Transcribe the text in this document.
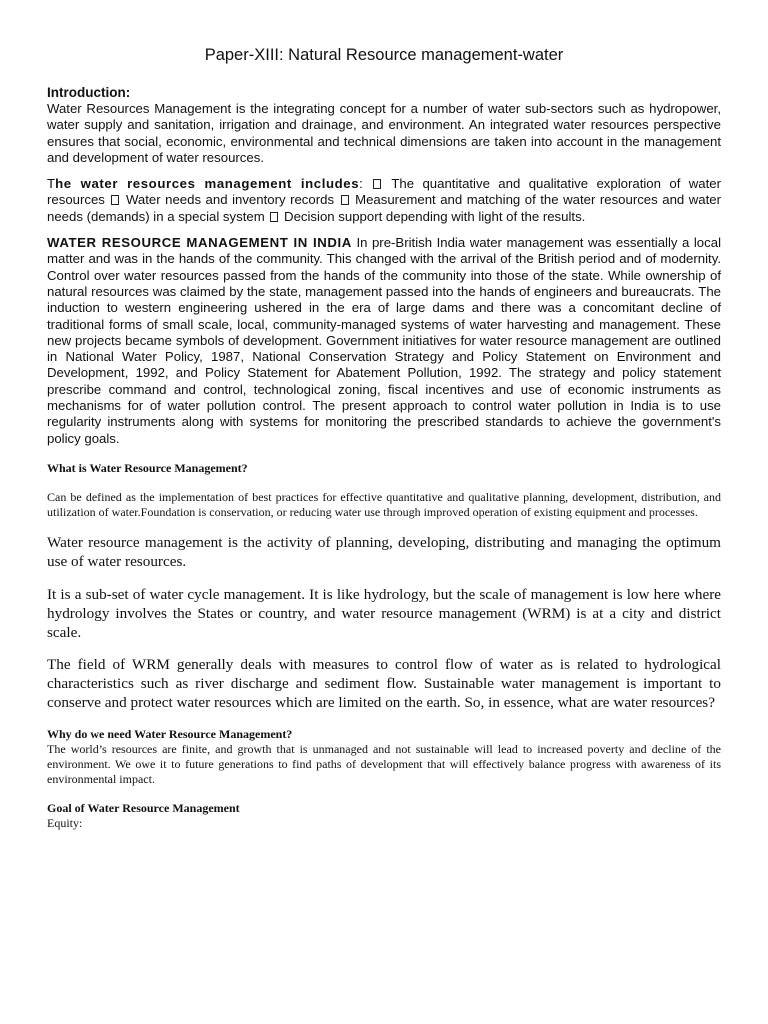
Paper-XIII: Natural Resource management-water
Introduction:

Water Resources Management is the integrating concept for a number of water sub-sectors such as hydropower, water supply and sanitation, irrigation and drainage, and environment. An integrated water resources perspective ensures that social, economic, environmental and technical dimensions are taken into account in the management and development of water resources.

The water resources management includes: The quantitative and qualitative exploration of water resources Water needs and inventory records Measurement and matching of the water resources and water needs (demands) in a special system Decision support depending with light of the results.

WATER RESOURCE MANAGEMENT IN INDIA In pre-British India water management was essentially a local matter and was in the hands of the community. This changed with the arrival of the British period and of modernity. Control over water resources passed from the hands of the community into those of the state. While ownership of natural resources was claimed by the state, management passed into the hands of engineers and bureaucrats. The induction to western engineering ushered in the era of large dams and there was a concomitant decline of traditional forms of small scale, local, community-managed systems of water harvesting and management. These new projects became symbols of development. Government initiatives for water resource management are outlined in National Water Policy, 1987, National Conservation Strategy and Policy Statement on Environment and Development, 1992, and Policy Statement for Abatement Pollution, 1992. The strategy and policy statement prescribe command and control, technological zoning, fiscal incentives and use of economic instruments as mechanisms for of water pollution control. The present approach to control water pollution in India is to use regularity instruments along with systems for monitoring the prescribed standards to achieve the government's policy goals.

What is Water Resource Management?

Can be defined as the implementation of best practices for effective quantitative and qualitative planning, development, distribution, and utilization of water.Foundation is conservation, or reducing water use through improved operation of existing equipment and processes.

Water resource management is the activity of planning, developing, distributing and managing the optimum use of water resources.

It is a sub-set of water cycle management. It is like hydrology, but the scale of management is low here where hydrology involves the States or country, and water resource management (WRM) is at a city and district scale.

The field of WRM generally deals with measures to control flow of water as is related to hydrological characteristics such as river discharge and sediment flow. Sustainable water management is important to conserve and protect water resources which are limited on the earth. So, in essence, what are water resources?

Why do we need Water Resource Management?

The world’s resources are finite, and growth that is unmanaged and not sustainable will lead to increased poverty and decline of the environment. We owe it to future generations to find paths of development that will effectively balance progress with awareness of its environmental impact.

Goal of Water Resource Management

Equity:
